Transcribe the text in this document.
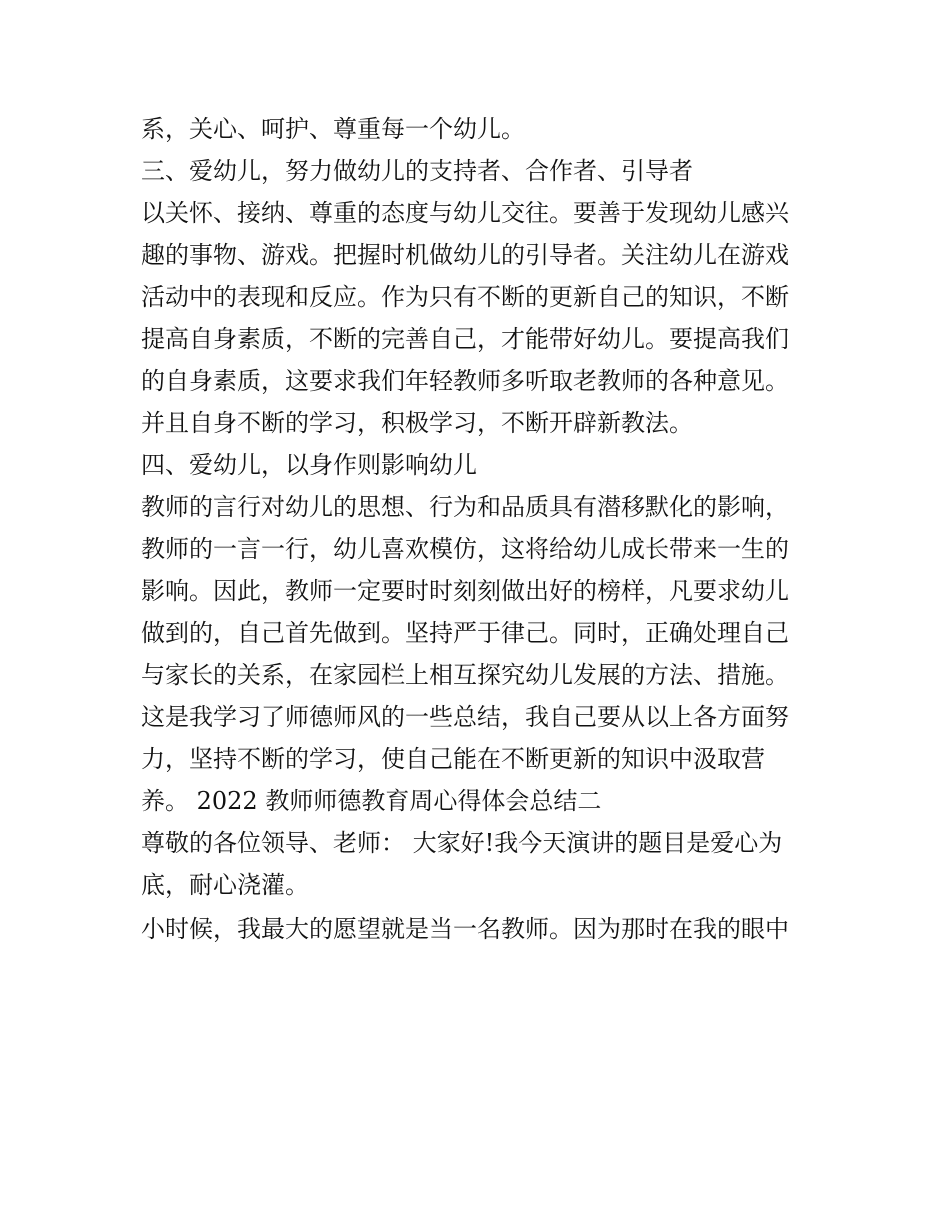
系，关心、呵护、尊重每一个幼儿。
三、爱幼儿，努力做幼儿的支持者、合作者、引导者
以关怀、接纳、尊重的态度与幼儿交往。要善于发现幼儿感兴
趣的事物、游戏。把握时机做幼儿的引导者。关注幼儿在游戏
活动中的表现和反应。作为只有不断的更新自己的知识，不断
提高自身素质，不断的完善自己，才能带好幼儿。要提高我们
的自身素质，这要求我们年轻教师多听取老教师的各种意见。
并且自身不断的学习，积极学习，不断开辟新教法。
四、爱幼儿，以身作则影响幼儿
教师的言行对幼儿的思想、行为和品质具有潜移默化的影响，
教师的一言一行，幼儿喜欢模仿，这将给幼儿成长带来一生的
影响。因此，教师一定要时时刻刻做出好的榜样，凡要求幼儿
做到的，自己首先做到。坚持严于律己。同时，正确处理自己
与家长的关系，在家园栏上相互探究幼儿发展的方法、措施。
这是我学习了师德师风的一些总结，我自己要从以上各方面努
力，坚持不断的学习，使自己能在不断更新的知识中汲取营
养。 2022 教师师德教育周心得体会总结二
尊敬的各位领导、老师： 大家好!我今天演讲的题目是爱心为
底，耐心浇灌。
小时候，我最大的愿望就是当一名教师。因为那时在我的眼中
